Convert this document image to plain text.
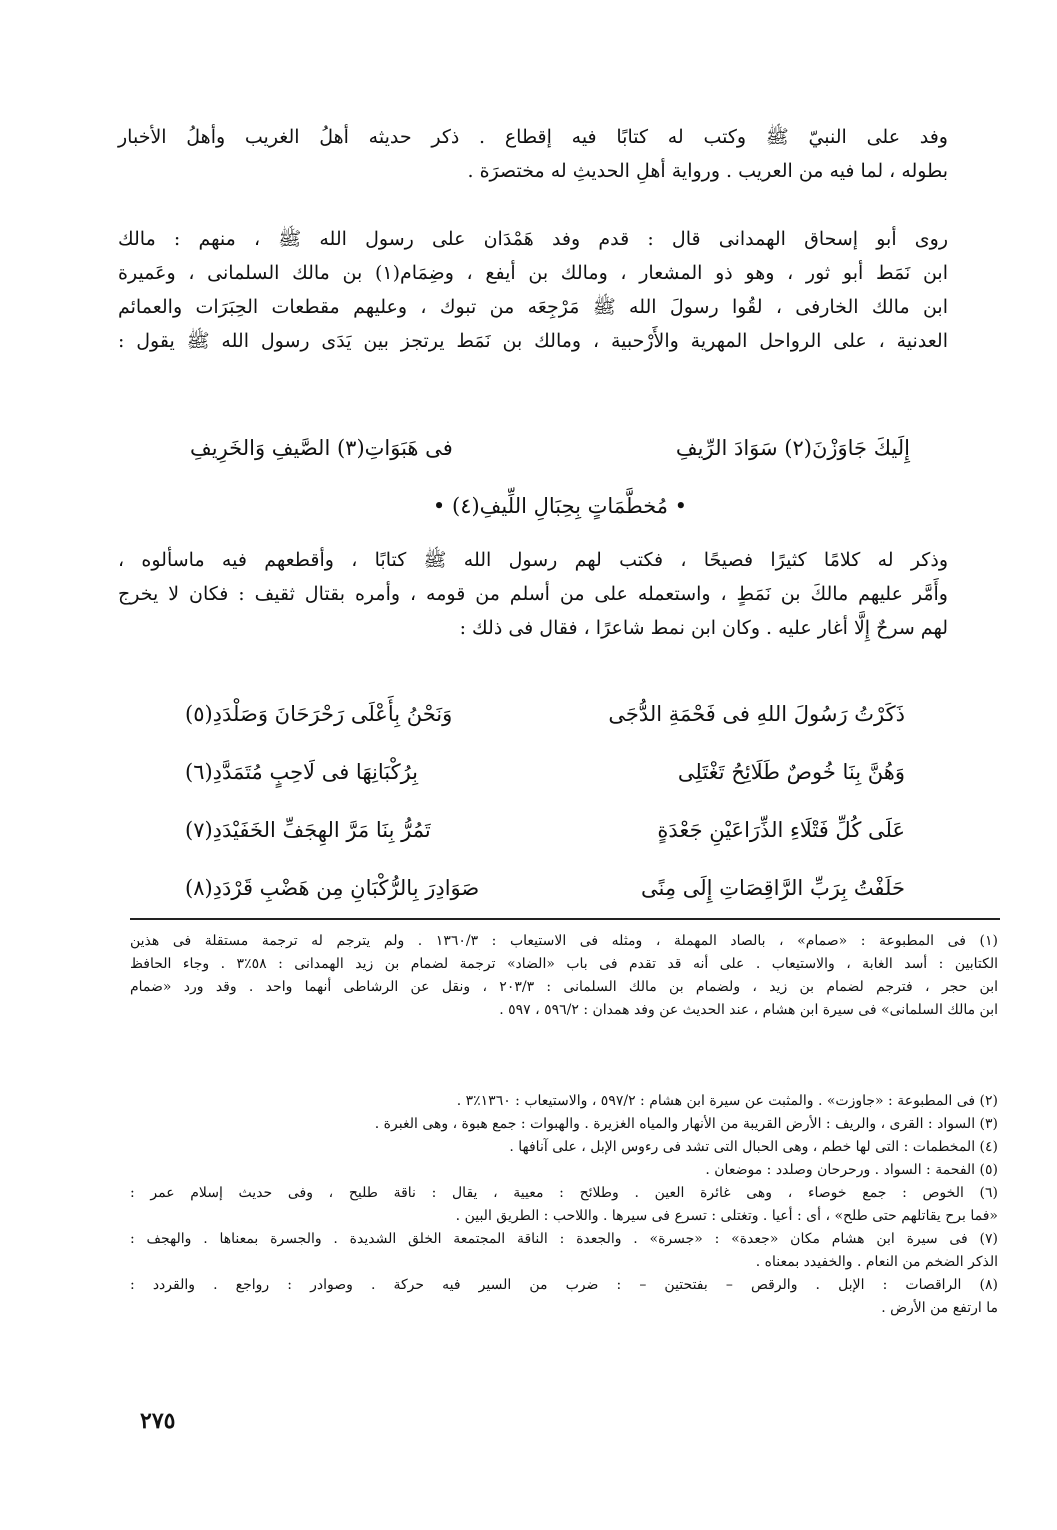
وفد على النبيّ ﷺ وكتب له كتابًا فيه إقطاع . ذكر حديثه أهلُ الغريب وأهلُ الأخبار
بطوله ، لما فيه من العريب . ورواية أهلِ الحديثِ له مختصرَة .
روى أبو إسحاق الهمدانى قال : قدم وفد هَمْدَان على رسول الله ﷺ ، منهم : مالك
ابن نَمَط أبو ثور ، وهو ذو المشعار ، ومالك بن أيفع ، وضِمَام(١) بن مالك السلمانى ، وعَميرة
ابن مالك الخارفى ، لقُوا رسولَ الله ﷺ مَرْجِعَه من تبوك ، وعليهم مقطعات الحِبَرَات والعمائم
العدنية ، على الرواحل المهرية والأَرْحبية ، ومالك بن نَمَط يرتجز بين يَدَى رسول الله ﷺ يقول :
إِلَيكَ جَاوَزْنَ(٢) سَوَادَ الرِّيفِ
فى هَبَوَاتِ(٣) الصَّيفِ وَالخَرِيفِ
• مُخطَّمَاتٍ بِحِبَالِ اللِّيفِ(٤) •
وذكر له كلامًا كثيرًا فصيحًا ، فكتب لهم رسول الله ﷺ كتابًا ، وأقطعهم فيه ماسألوه ،
وأَمَّر عليهم مالكَ بن نَمَطٍ ، واستعمله على من أسلم من قومه ، وأمره بقتال ثقيف : فكان لا يخرج
لهم سرحٌ إِلَّا أغار عليه . وكان ابن نمط شاعرًا ، فقال فى ذلك :
ذَكَرْتُ رَسُولَ اللهِ فى فَحْمَةِ الدُّجَى
وَنَحْنُ بِأَعْلَى رَحْرَحَانَ وَصَلْدَدِ(٥)
وَهُنَّ بِنَا خُوصٌ طَلَائِحُ تَغْتَلِى
بِرُكْبَانِهَا فى لَاحِبٍ مُتَمَدَّدِ(٦)
عَلَى كُلِّ فَتْلَاءِ الذِّرَاعَيْنِ جَعْدَةٍ
تَمُرُّ بِنَا مَرَّ الهِجَفِّ الخَفَيْدَدِ(٧)
حَلَفْتُ بِرَبِّ الرَّاقِصَاتِ إِلَى مِنًى
صَوَادِرَ بِالرُّكْبَانِ مِن هَضْبِ قَرْدَدِ(٨)
(١) فى المطبوعة : «صمام» ، بالصاد المهملة ، ومثله فى الاستيعاب : ١٣٦٠/٣ . ولم يترجم له ترجمة مستقلة فى هذين
الكتابين : أسد الغابة ، والاستيعاب . على أنه قد تقدم فى باب «الضاد» ترجمة لضمام بن زيد الهمدانى : ٥٨٪٣ . وجاء الحافظ
ابن حجر ، فترجم لضمام بن زيد ، ولضمام بن مالك السلمانى : ٢٠٣/٣ ، ونقل عن الرشاطى أنهما واحد . وقد ورد «ضمام
ابن مالك السلمانى» فى سيرة ابن هشام ، عند الحديث عن وفد همدان : ٥٩٦/٢ ، ٥٩٧ .
(٢) فى المطبوعة : «جاوزت» . والمثبت عن سيرة ابن هشام : ٥٩٧/٢ ، والاستيعاب : ١٣٦٠٪٣ .
(٣) السواد : القرى ، والريف : الأرض القريبة من الأنهار والمياه الغزيرة . والهبوات : جمع هبوة ، وهى الغبرة .
(٤) المخطمات : التى لها خطم ، وهى الحبال التى تشد فى رءوس الإبل ، على آنافها .
(٥) الفحمة : السواد . ورحرحان وصلدد : موضعان .
(٦) الخوص : جمع خوصاء ، وهى غائرة العين . وطلائح : معيية ، يقال : ناقة طليح ، وفى حديث إسلام عمر :
«فما برح يقاتلهم حتى طلح» ، أى : أعيا . وتغتلى : تسرع فى سيرها . واللاحب : الطريق البين .
(٧) فى سيرة ابن هشام مكان «جعدة» : «جسرة» . والجعدة : الناقة المجتمعة الخلق الشديدة . والجسرة بمعناها . والهجف :
الذكر الضخم من النعام . والخفيدد بمعناه .
(٨) الراقصات : الإبل . والرقص – بفتحتين – : ضرب من السير فيه حركة . وصوادر : رواجع . والقردد :
ما ارتفع من الأرض .
٢٧٥
